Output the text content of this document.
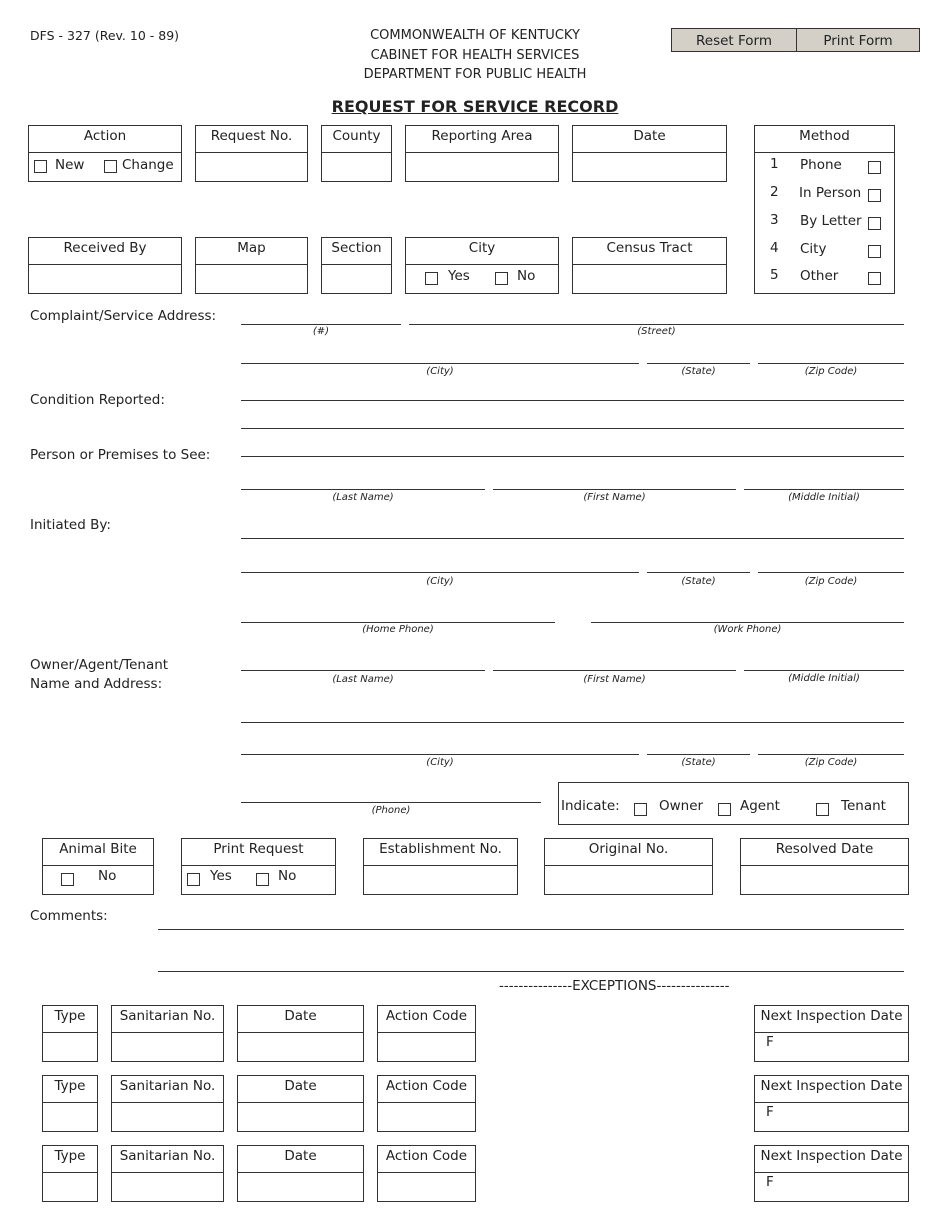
DFS - 327 (Rev. 10 - 89)	COMMONWEALTH OF KENTUCKY
CABINET FOR HEALTH SERVICES
DEPARTMENT FOR PUBLIC HEALTH
REQUEST FOR SERVICE RECORD
Reset Form	Print Form
Action
New	Change
Request No.	County	Reporting Area	Date	Method
1 Phone
2 In Person
3 By Letter
4 City
5 Other
Received By	Map	Section	City
Yes	No
Census Tract
Complaint/Service Address:
(#)	(Street)
(City)	(State)	(Zip Code)
Condition Reported:
Person or Premises to See:
(Last Name)	(First Name)	(Middle Initial)
Initiated By:
(City)	(State)	(Zip Code)
(Home Phone)	(Work Phone)
Owner/Agent/Tenant
Name and Address:	(Last Name)	(First Name)	(Middle Initial)
(City)	(State)	(Zip Code)
(Phone)	Indicate:	Owner	Agent	Tenant
Animal Bite
No
Print Request
Yes	No
Establishment No.	Original No.	Resolved Date
Comments:
---------------EXCEPTIONS---------------
Type	Sanitarian No.	Date	Action Code	Next Inspection Date
F
Type	Sanitarian No.	Date	Action Code	Next Inspection Date
F
Type	Sanitarian No.	Date	Action Code	Next Inspection Date
F
